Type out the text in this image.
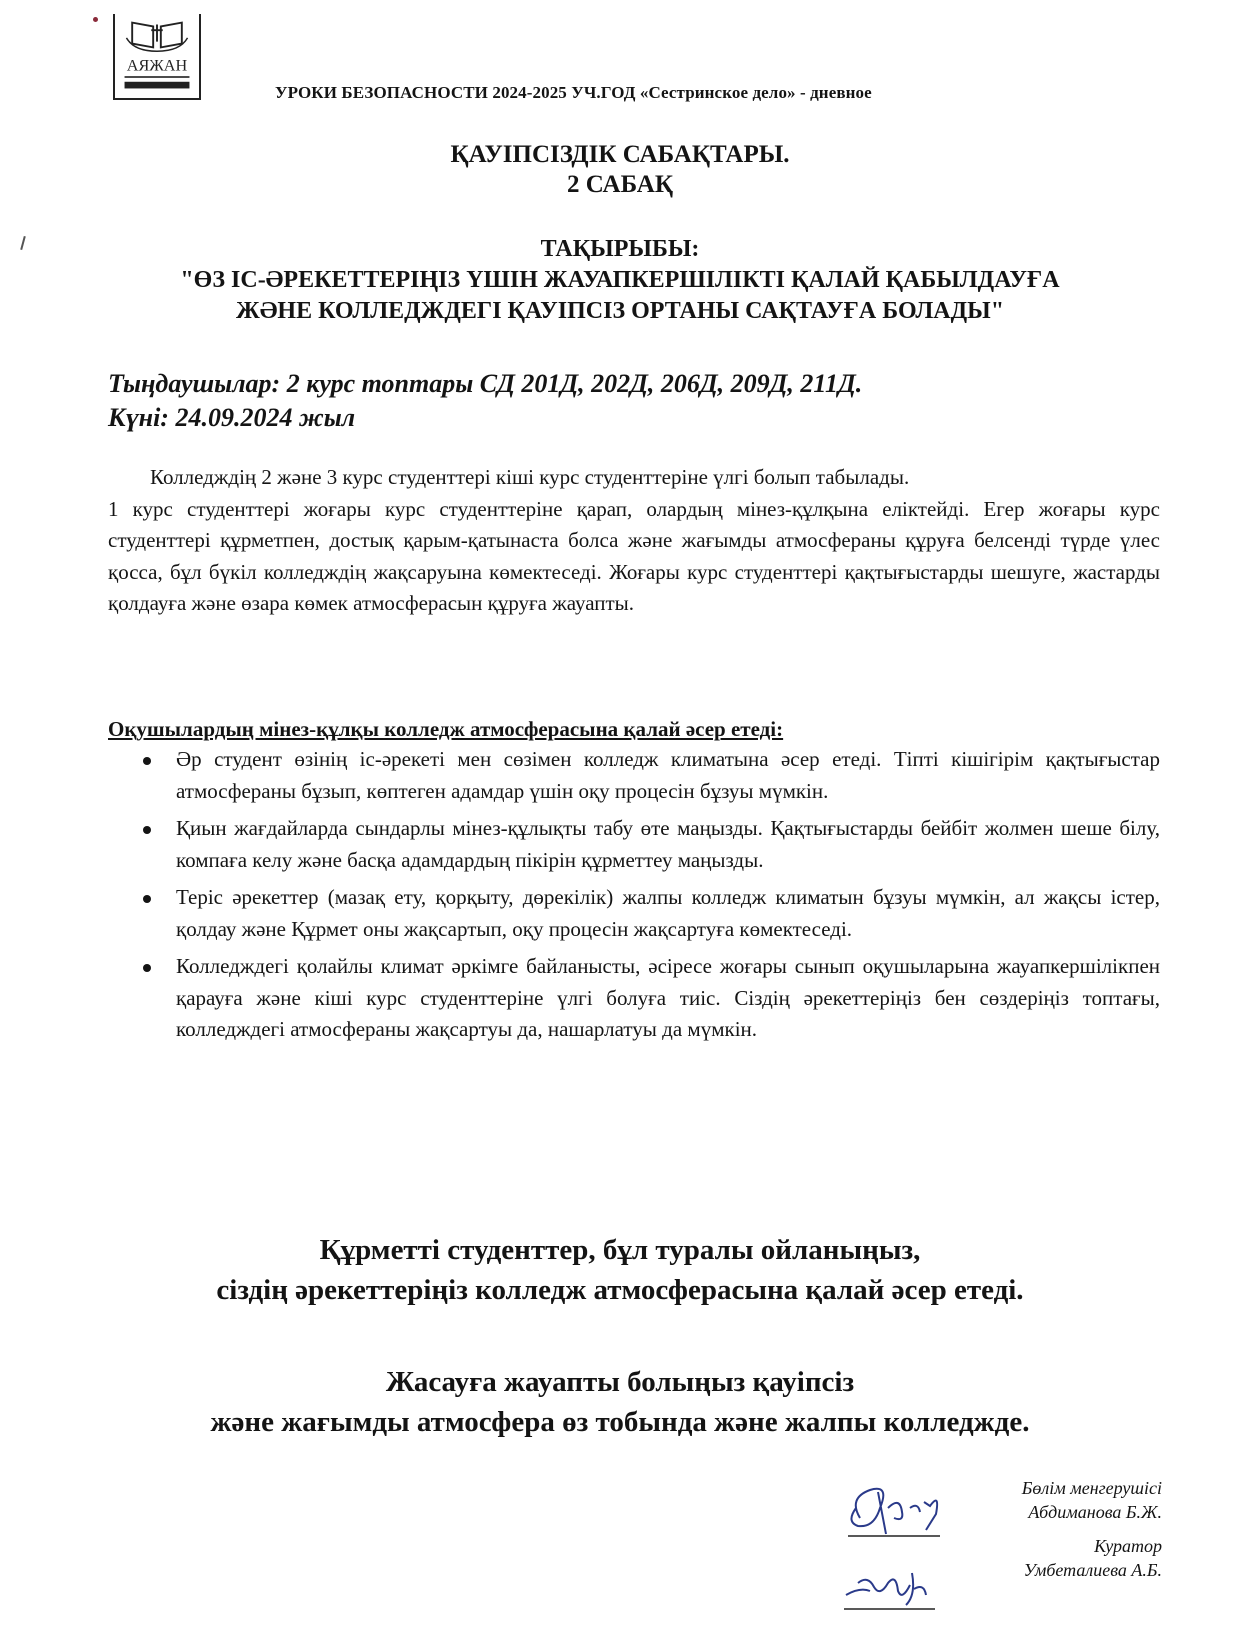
АЯЖАН
УРОКИ БЕЗОПАСНОСТИ 2024-2025 УЧ.ГОД «Сестринское дело» - дневное
ҚАУІПСІЗДІК САБАҚТАРЫ.
2 САБАҚ
ТАҚЫРЫБЫ:
"ӨЗ ІС-ӘРЕКЕТТЕРІҢІЗ ҮШІН ЖАУАПКЕРШІЛІКТІ ҚАЛАЙ ҚАБЫЛДАУҒА
ЖӘНЕ КОЛЛЕДЖДЕГІ ҚАУІПСІЗ ОРТАНЫ САҚТАУҒА БОЛАДЫ"
Тыңдаушылар: 2 курс топтары СД 201Д, 202Д, 206Д, 209Д, 211Д.
Күні: 24.09.2024 жыл

Колледждің 2 және 3 курс студенттері кіші курс студенттеріне үлгі болып табылады.

1 курс студенттері жоғары курс студенттеріне қарап, олардың мінез-құлқына еліктейді. Егер жоғары курс студенттері құрметпен, достық қарым-қатынаста болса және жағымды атмосфераны құруға белсенді түрде үлес қосса, бұл бүкіл колледждің жақсаруына көмектеседі. Жоғары курс студенттері қақтығыстарды шешуге, жастарды қолдауға және өзара көмек атмосферасын құруға жауапты.

Оқушылардың мінез-құлқы колледж атмосферасына қалай әсер етеді:
Әр студент өзінің іс-әрекеті мен сөзімен колледж климатына әсер етеді. Тіпті кішігірім қақтығыстар атмосфераны бұзып, көптеген адамдар үшін оқу процесін бұзуы мүмкін.
Қиын жағдайларда сындарлы мінез-құлықты табу өте маңызды. Қақтығыстарды бейбіт жолмен шеше білу, компаға келу және басқа адамдардың пікірін құрметтеу маңызды.
Теріс әрекеттер (мазақ ету, қорқыту, дөрекілік) жалпы колледж климатын бұзуы мүмкін, ал жақсы істер, қолдау және Құрмет оны жақсартып, оқу процесін жақсартуға көмектеседі.
Колледждегі қолайлы климат әркімге байланысты, әсіресе жоғары сынып оқушыларына жауапкершілікпен қарауға және кіші курс студенттеріне үлгі болуға тиіс. Сіздің әрекеттеріңіз бен сөздеріңіз топтағы, колледждегі атмосфераны жақсартуы да, нашарлатуы да мүмкін.
Құрметті студенттер, бұл туралы ойланыңыз,
сіздің әрекеттеріңіз колледж атмосферасына қалай әсер етеді.
Жасауға жауапты болыңыз қауіпсіз
және жағымды атмосфера өз тобында және жалпы колледжде.
Бөлім менгерушісі
Абдиманова Б.Ж.
Куратор
Умбеталиева А.Б.
